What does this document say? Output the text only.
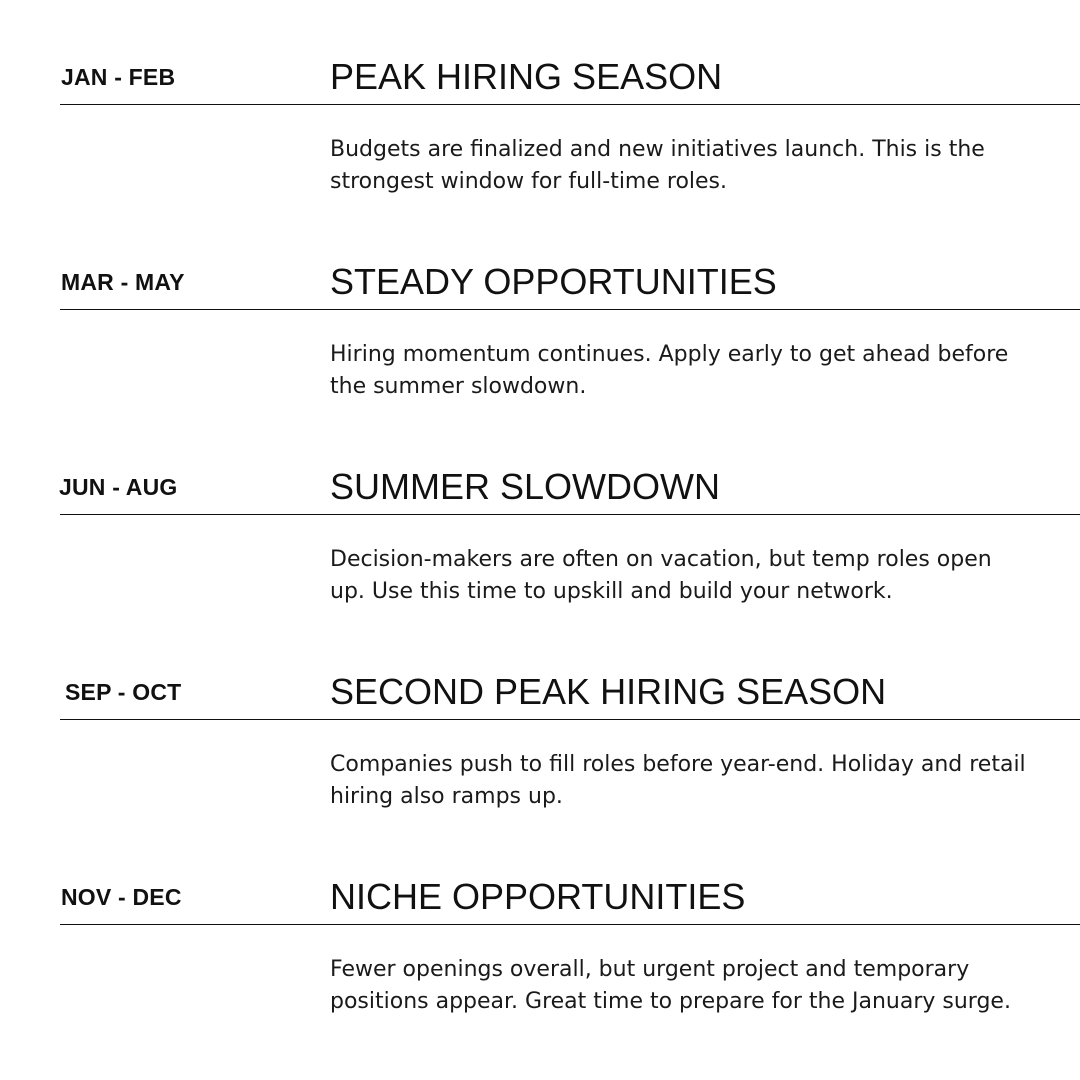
JAN - FEB	PEAK HIRING SEASON
Budgets are finalized and new initiatives launch. This is the strongest window for full-time roles.
MAR - MAY	STEADY OPPORTUNITIES
Hiring momentum continues. Apply early to get ahead before the summer slowdown.
JUN - AUG	SUMMER SLOWDOWN
Decision-makers are often on vacation, but temp roles open up. Use this time to upskill and build your network.
SEP - OCT	SECOND PEAK HIRING SEASON
Companies push to fill roles before year-end. Holiday and retail hiring also ramps up.
NOV - DEC	NICHE OPPORTUNITIES
Fewer openings overall, but urgent project and temporary positions appear. Great time to prepare for the January surge.
